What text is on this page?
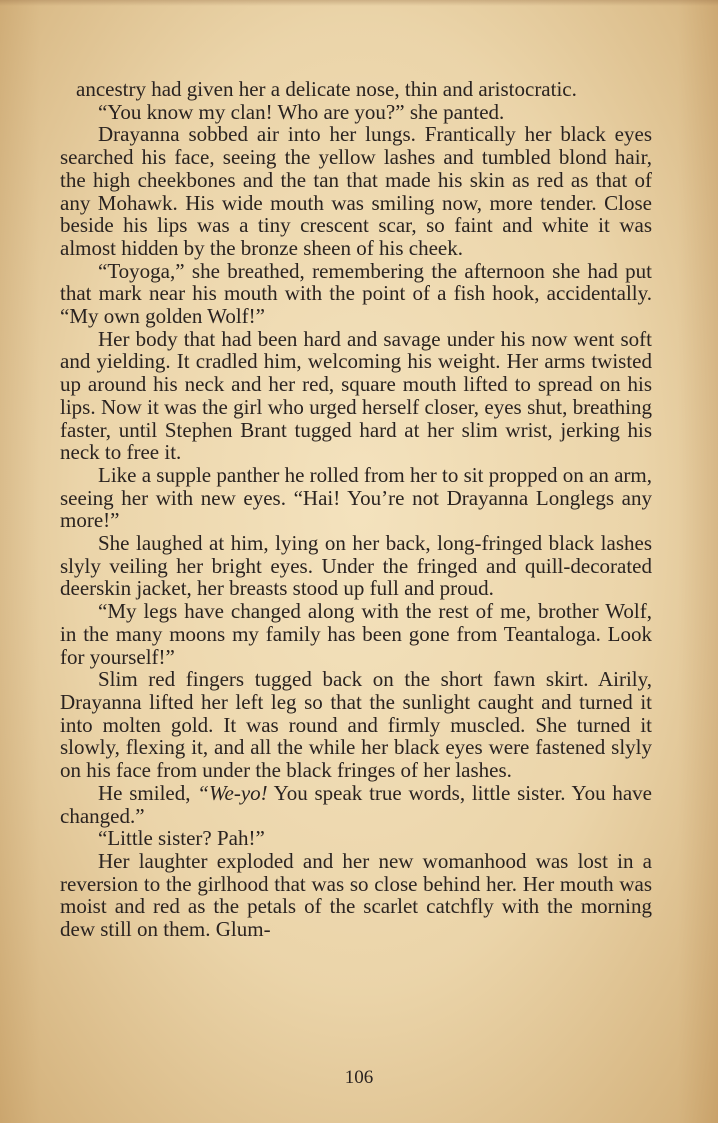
ancestry had given her a delicate nose, thin and aristocratic.

“You know my clan! Who are you?” she panted.

Drayanna sobbed air into her lungs. Frantically her black eyes searched his face, seeing the yellow lashes and tumbled blond hair, the high cheekbones and the tan that made his skin as red as that of any Mohawk. His wide mouth was smiling now, more tender. Close beside his lips was a tiny crescent scar, so faint and white it was almost hidden by the bronze sheen of his cheek.

“Toyoga,” she breathed, remembering the afternoon she had put that mark near his mouth with the point of a fish hook, accidentally. “My own golden Wolf!”

Her body that had been hard and savage under his now went soft and yielding. It cradled him, welcoming his weight. Her arms twisted up around his neck and her red, square mouth lifted to spread on his lips. Now it was the girl who urged herself closer, eyes shut, breathing faster, until Stephen Brant tugged hard at her slim wrist, jerking his neck to free it.

Like a supple panther he rolled from her to sit propped on an arm, seeing her with new eyes. “Hai! You’re not Drayanna Longlegs any more!”

She laughed at him, lying on her back, long-fringed black lashes slyly veiling her bright eyes. Under the fringed and quill-decorated deerskin jacket, her breasts stood up full and proud.

“My legs have changed along with the rest of me, brother Wolf, in the many moons my family has been gone from Teantaloga. Look for yourself!”

Slim red fingers tugged back on the short fawn skirt. Airily, Drayanna lifted her left leg so that the sunlight caught and turned it into molten gold. It was round and firmly muscled. She turned it slowly, flexing it, and all the while her black eyes were fastened slyly on his face from under the black fringes of her lashes.

He smiled, “We-yo! You speak true words, little sister. You have changed.”

“Little sister? Pah!”

Her laughter exploded and her new womanhood was lost in a reversion to the girlhood that was so close behind her. Her mouth was moist and red as the petals of the scarlet catchfly with the morning dew still on them. Glum-

106
